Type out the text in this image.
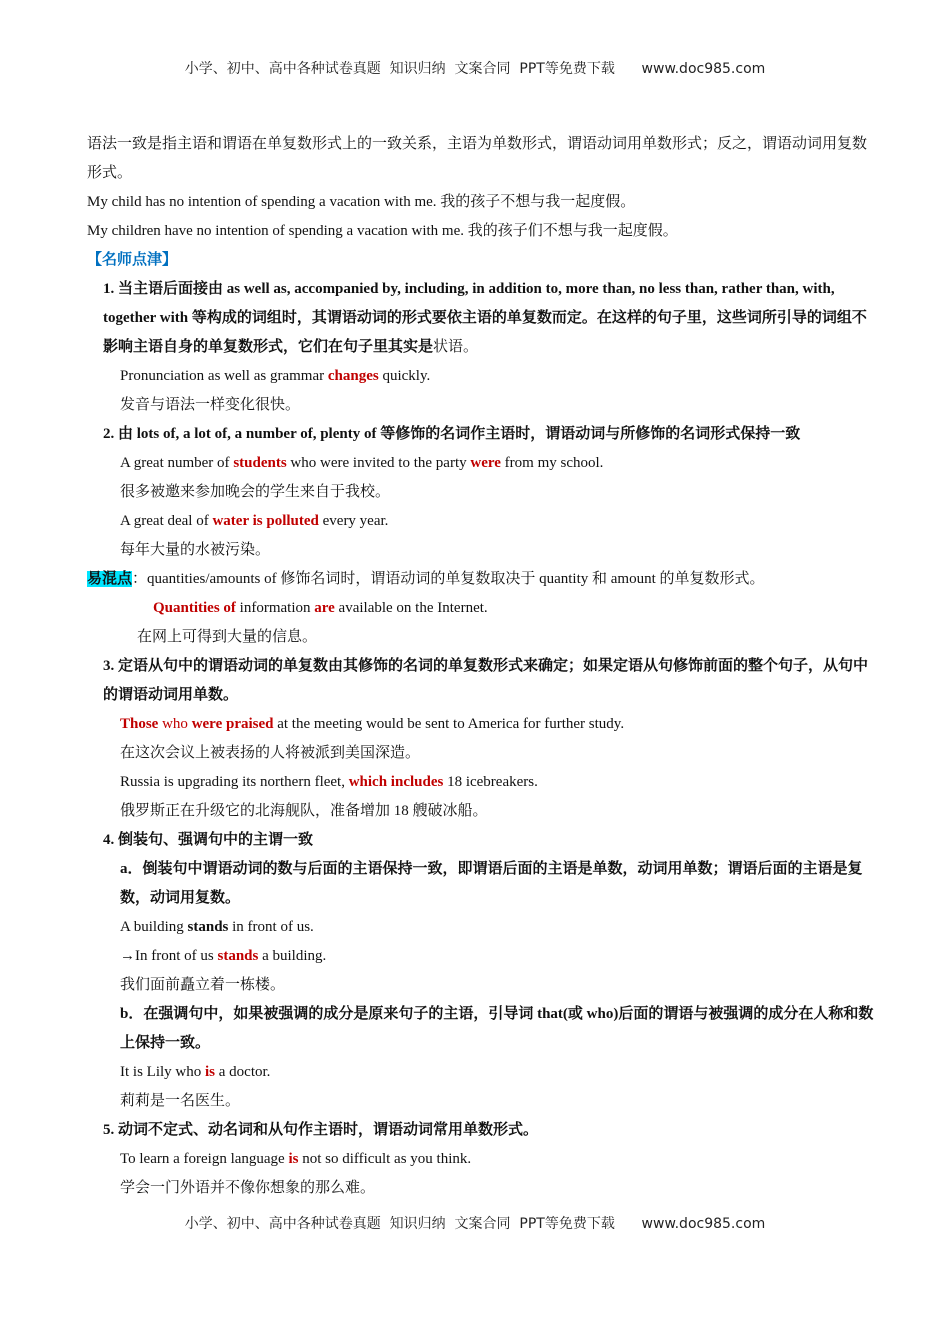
小学、初中、高中各种试卷真题  知识归纳  文案合同  PPT等免费下载      www.doc985.com

语法一致是指主语和谓语在单复数形式上的一致关系，主语为单数形式，谓语动词用单数形式；反之，谓语动词用复数形式。

My child has no intention of spending a vacation with me. 我的孩子不想与我一起度假。

My children have no intention of spending a vacation with me. 我的孩子们不想与我一起度假。

【名师点津】

1. 当主语后面接由 as well as, accompanied by, including, in addition to, more than, no less than, rather than, with, together with 等构成的词组时，其谓语动词的形式要依主语的单复数而定。在这样的句子里，这些词所引导的词组不影响主语自身的单复数形式，它们在句子里其实是状语。

Pronunciation as well as grammar changes quickly.

发音与语法一样变化很快。

2. 由 lots of, a lot of, a number of, plenty of 等修饰的名词作主语时，谓语动词与所修饰的名词形式保持一致

A great number of students who were invited to the party were from my school.

很多被邀来参加晚会的学生来自于我校。

A great deal of water is polluted every year.

每年大量的水被污染。

易混点：quantities/amounts of 修饰名词时，谓语动词的单复数取决于 quantity 和 amount 的单复数形式。

Quantities of information are available on the Internet.

在网上可得到大量的信息。

3. 定语从句中的谓语动词的单复数由其修饰的名词的单复数形式来确定；如果定语从句修饰前面的整个句子，从句中的谓语动词用单数。

Those who were praised at the meeting would be sent to America for further study.

在这次会议上被表扬的人将被派到美国深造。

Russia is upgrading its northern fleet, which includes 18 icebreakers.

俄罗斯正在升级它的北海舰队，准备增加 18 艘破冰船。

4. 倒装句、强调句中的主谓一致

a．倒装句中谓语动词的数与后面的主语保持一致，即谓语后面的主语是单数，动词用单数；谓语后面的主语是复数，动词用复数。

A building stands in front of us.

→In front of us stands a building.

我们面前矗立着一栋楼。

b．在强调句中，如果被强调的成分是原来句子的主语，引导词 that(或 who)后面的谓语与被强调的成分在人称和数上保持一致。

It is Lily who is a doctor.

莉莉是一名医生。

5. 动词不定式、动名词和从句作主语时，谓语动词常用单数形式。

To learn a foreign language is not so difficult as you think.

学会一门外语并不像你想象的那么难。

小学、初中、高中各种试卷真题  知识归纳  文案合同  PPT等免费下载      www.doc985.com
